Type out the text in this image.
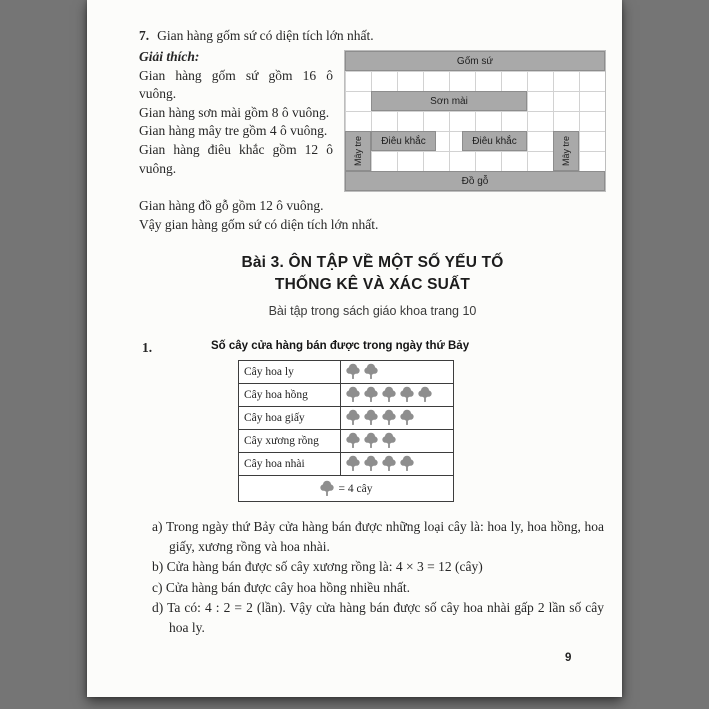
7. Gian hàng gốm sứ có diện tích lớn nhất.
Giải thích:
Gian hàng gốm sứ gồm 16 ô vuông.
Gian hàng sơn mài gồm 8 ô vuông.
Gian hàng mây tre gồm 4 ô vuông.
Gian hàng điêu khắc gồm 12 ô vuông.
Gốm sứ
Sơn mài
Mây tre Điêu khắc	Điêu khắc	Mây tre
Đồ gỗ
Gian hàng đồ gỗ gồm 12 ô vuông.
Vậy gian hàng gốm sứ có diện tích lớn nhất.
Bài 3. ÔN TẬP VỀ MỘT SỐ YẾU TỐ
THỐNG KÊ VÀ XÁC SUẤT
Bài tập trong sách giáo khoa trang 10
1.	Số cây cửa hàng bán được trong ngày thứ Bảy
Cây hoa ly
Cây hoa hồng
Cây hoa giấy
Cây xương rồng
Cây hoa nhài
= 4 cây
a) Trong ngày thứ Bảy cửa hàng bán được những loại cây là: hoa ly, hoa hồng, hoa giấy, xương rồng và hoa nhài.
b) Cửa hàng bán được số cây xương rồng là: 4 × 3 = 12 (cây)
c) Cửa hàng bán được cây hoa hồng nhiều nhất.
d) Ta có: 4 : 2 = 2 (lần). Vậy cửa hàng bán được số cây hoa nhài gấp 2 lần số cây hoa ly.
9
